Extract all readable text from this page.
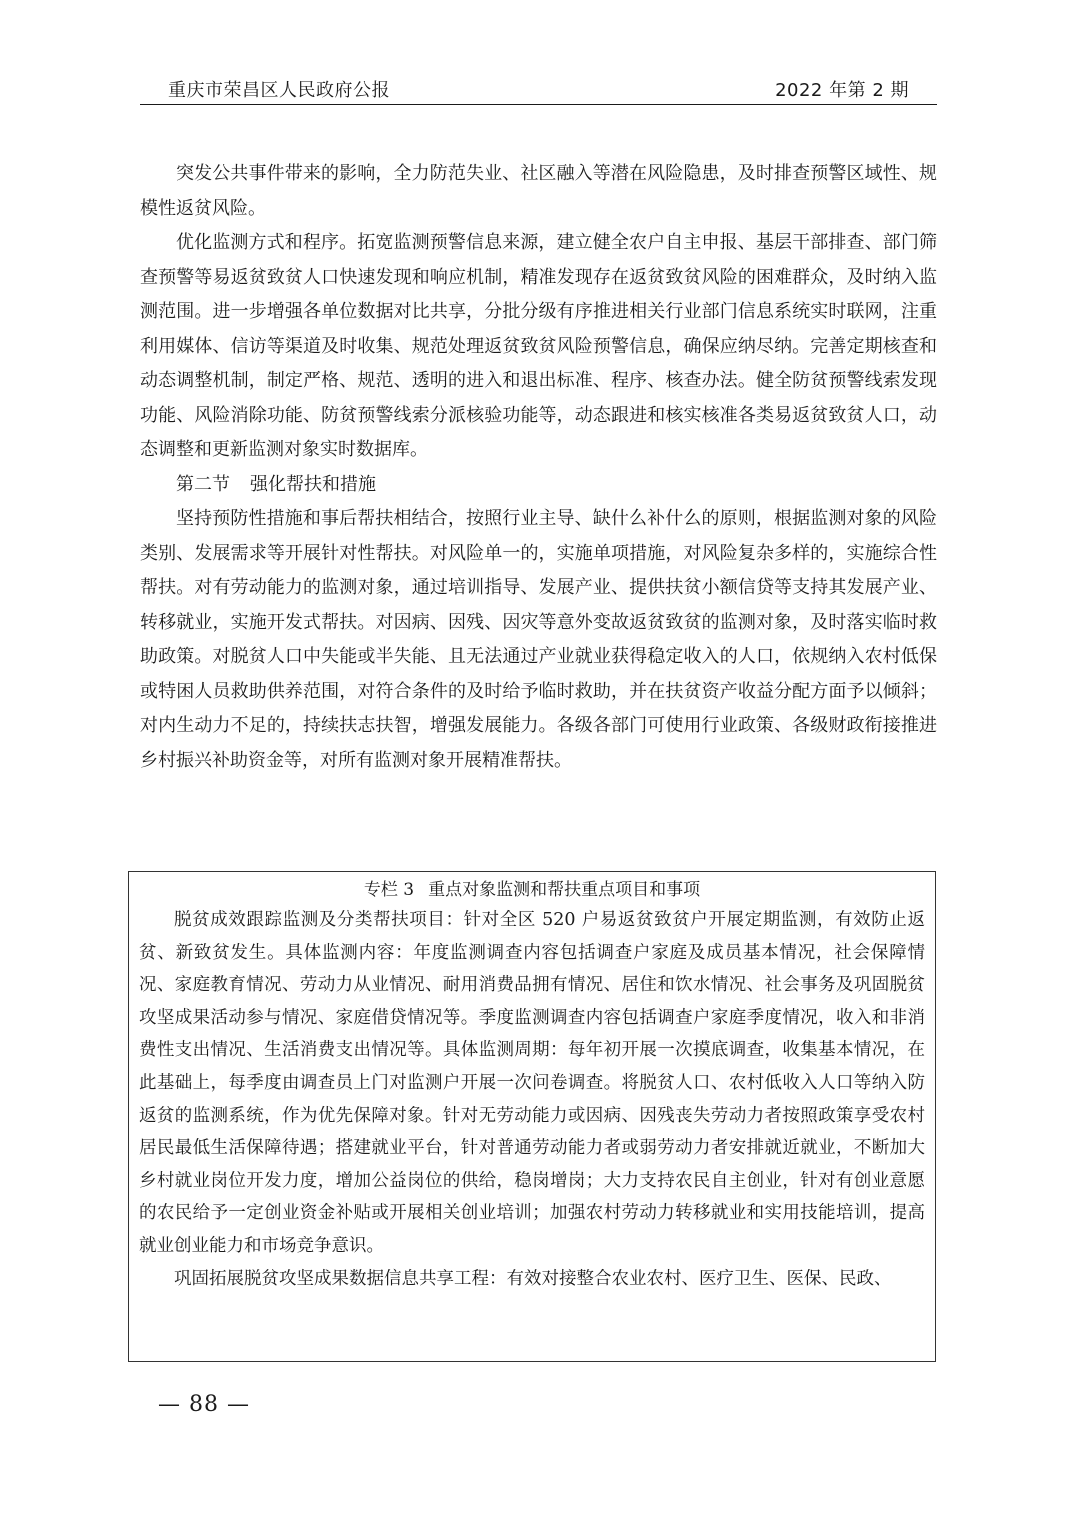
重庆市荣昌区人民政府公报	2022 年第 2 期

突发公共事件带来的影响，全力防范失业、社区融入等潜在风险隐患，及时排查预警区域性、规模性返贫风险。

优化监测方式和程序。拓宽监测预警信息来源，建立健全农户自主申报、基层干部排查、部门筛查预警等易返贫致贫人口快速发现和响应机制，精准发现存在返贫致贫风险的困难群众，及时纳入监测范围。进一步增强各单位数据对比共享，分批分级有序推进相关行业部门信息系统实时联网，注重利用媒体、信访等渠道及时收集、规范处理返贫致贫风险预警信息，确保应纳尽纳。完善定期核查和动态调整机制，制定严格、规范、透明的进入和退出标准、程序、核查办法。健全防贫预警线索发现功能、风险消除功能、防贫预警线索分派核验功能等，动态跟进和核实核准各类易返贫致贫人口，动态调整和更新监测对象实时数据库。

第二节 强化帮扶和措施

坚持预防性措施和事后帮扶相结合，按照行业主导、缺什么补什么的原则，根据监测对象的风险类别、发展需求等开展针对性帮扶。对风险单一的，实施单项措施，对风险复杂多样的，实施综合性帮扶。对有劳动能力的监测对象，通过培训指导、发展产业、提供扶贫小额信贷等支持其发展产业、转移就业，实施开发式帮扶。对因病、因残、因灾等意外变故返贫致贫的监测对象，及时落实临时救助政策。对脱贫人口中失能或半失能、且无法通过产业就业获得稳定收入的人口，依规纳入农村低保或特困人员救助供养范围，对符合条件的及时给予临时救助，并在扶贫资产收益分配方面予以倾斜；对内生动力不足的，持续扶志扶智，增强发展能力。各级各部门可使用行业政策、各级财政衔接推进乡村振兴补助资金等，对所有监测对象开展精准帮扶。

专栏 3 重点对象监测和帮扶重点项目和事项

脱贫成效跟踪监测及分类帮扶项目：针对全区 520 户易返贫致贫户开展定期监测，有效防止返贫、新致贫发生。具体监测内容：年度监测调查内容包括调查户家庭及成员基本情况，社会保障情况、家庭教育情况、劳动力从业情况、耐用消费品拥有情况、居住和饮水情况、社会事务及巩固脱贫攻坚成果活动参与情况、家庭借贷情况等。季度监测调查内容包括调查户家庭季度情况，收入和非消费性支出情况、生活消费支出情况等。具体监测周期：每年初开展一次摸底调查，收集基本情况，在此基础上，每季度由调查员上门对监测户开展一次问卷调查。将脱贫人口、农村低收入人口等纳入防返贫的监测系统，作为优先保障对象。针对无劳动能力或因病、因残丧失劳动力者按照政策享受农村居民最低生活保障待遇；搭建就业平台，针对普通劳动能力者或弱劳动力者安排就近就业，不断加大乡村就业岗位开发力度，增加公益岗位的供给，稳岗增岗；大力支持农民自主创业，针对有创业意愿的农民给予一定创业资金补贴或开展相关创业培训；加强农村劳动力转移就业和实用技能培训，提高就业创业能力和市场竞争意识。

巩固拓展脱贫攻坚成果数据信息共享工程：有效对接整合农业农村、医疗卫生、医保、民政、

— 88 —
